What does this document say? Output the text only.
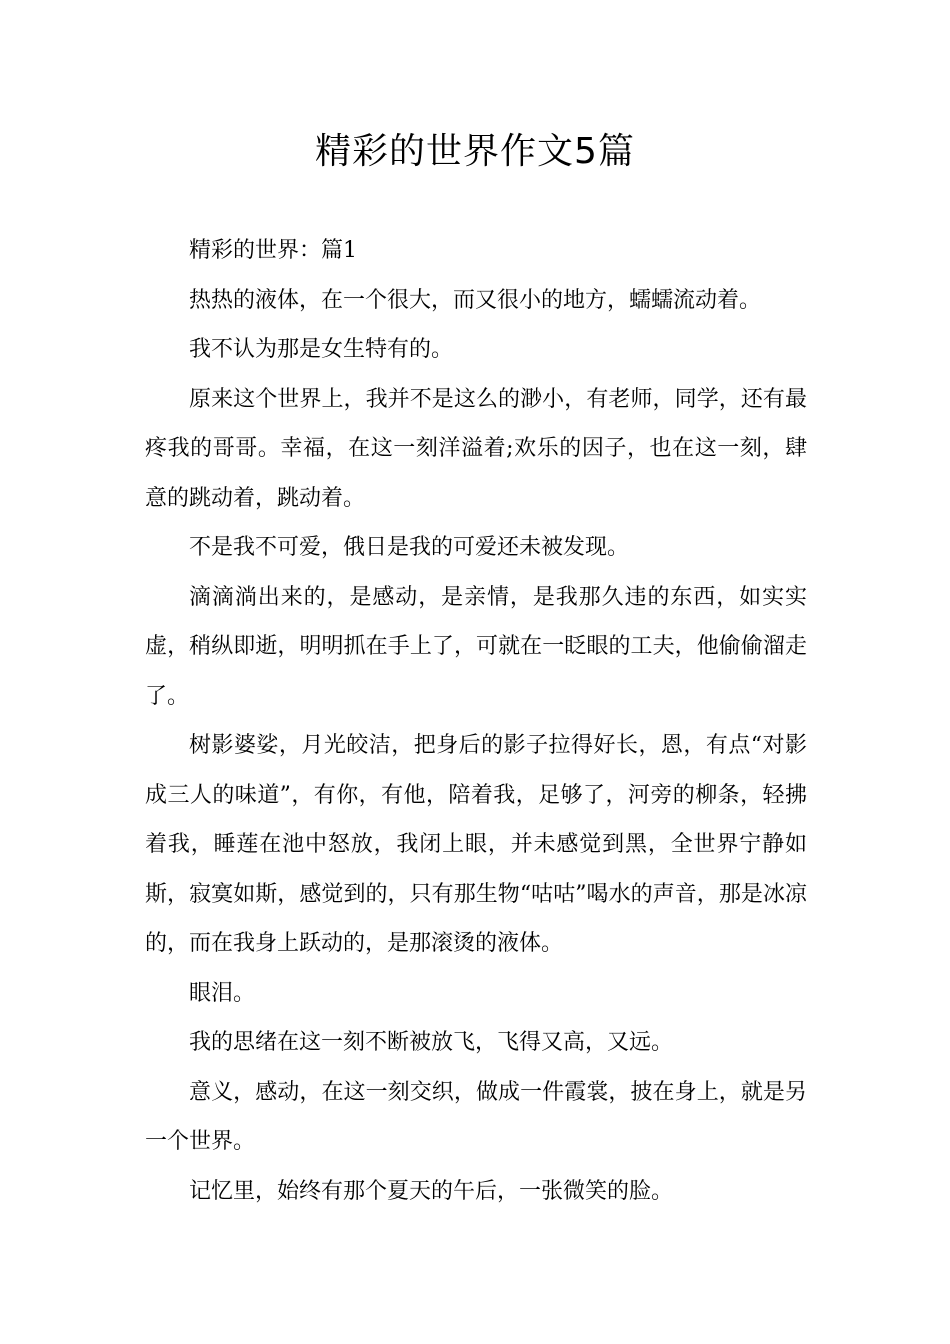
精彩的世界作文5篇

精彩的世界：篇1

热热的液体，在一个很大，而又很小的地方，蠕蠕流动着。

我不认为那是女生特有的。

原来这个世界上，我并不是这么的渺小，有老师，同学，还有最疼我的哥哥。幸福，在这一刻洋溢着;欢乐的因子，也在这一刻，肆意的跳动着，跳动着。

不是我不可爱，俄日是我的可爱还未被发现。

滴滴淌出来的，是感动，是亲情，是我那久违的东西，如实实虚，稍纵即逝，明明抓在手上了，可就在一眨眼的工夫，他偷偷溜走了。

树影婆娑，月光皎洁，把身后的影子拉得好长，恩，有点“对影成三人的味道”，有你，有他，陪着我，足够了，河旁的柳条，轻拂着我，睡莲在池中怒放，我闭上眼，并未感觉到黑，全世界宁静如斯，寂寞如斯，感觉到的，只有那生物“咕咕”喝水的声音，那是冰凉的，而在我身上跃动的，是那滚烫的液体。

眼泪。

我的思绪在这一刻不断被放飞，飞得又高，又远。

意义，感动，在这一刻交织，做成一件霞裳，披在身上，就是另一个世界。

记忆里，始终有那个夏天的午后，一张微笑的脸。
